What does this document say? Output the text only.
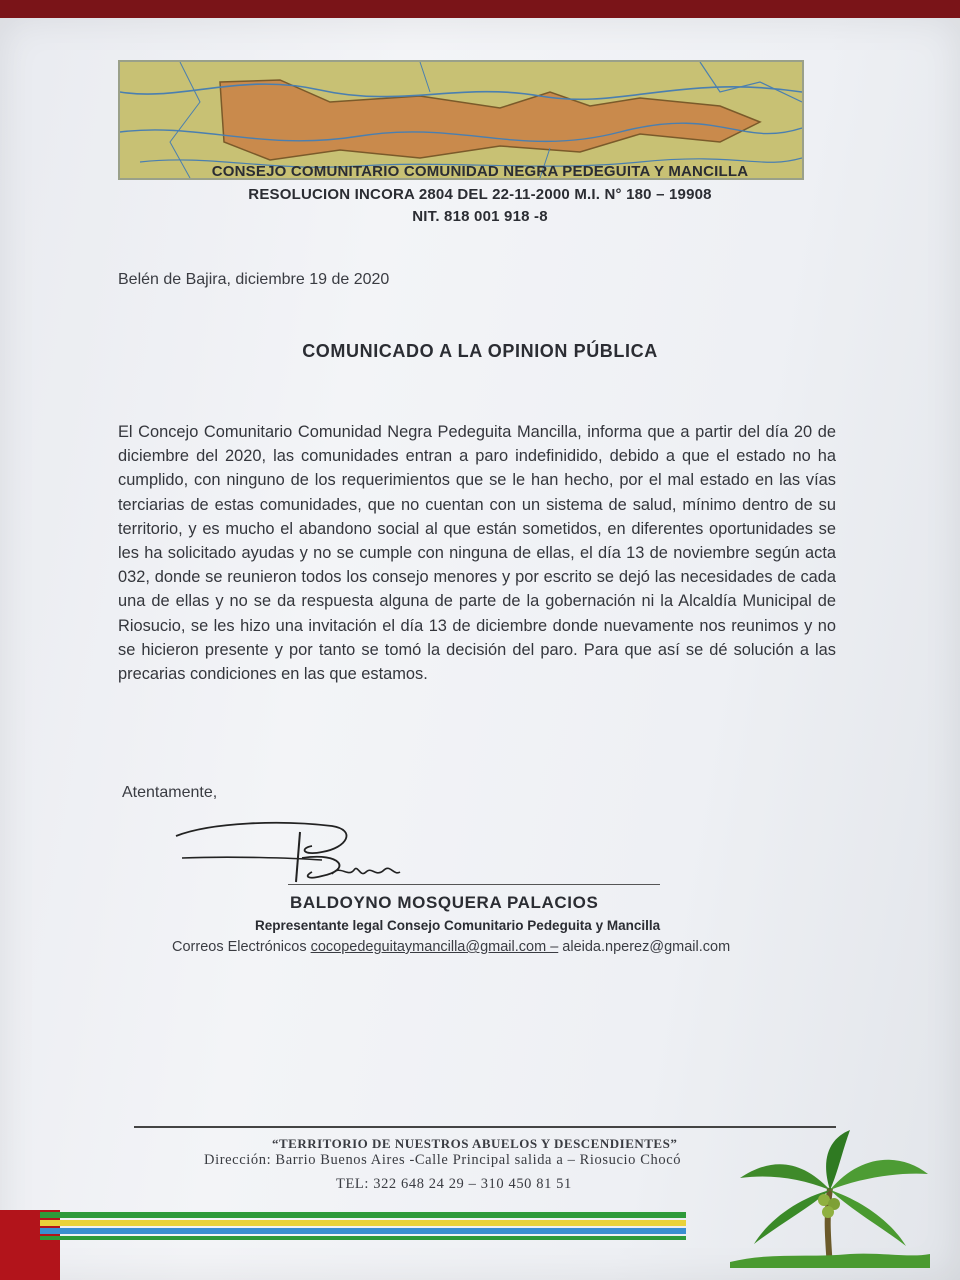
CONSEJO COMUNITARIO COMUNIDAD NEGRA PEDEGUITA Y MANCILLA
RESOLUCION INCORA 2804 DEL 22-11-2000 M.I. N° 180 – 19908
NIT. 818 001 918 -8
Belén de Bajira, diciembre 19 de 2020
COMUNICADO A LA OPINION PÚBLICA
El Concejo Comunitario Comunidad Negra Pedeguita Mancilla, informa que a partir del día 20 de diciembre del 2020, las comunidades entran a paro indefinidido, debido a que el estado no ha cumplido, con ninguno de los requerimientos que se le han hecho, por el mal estado en las vías terciarias de estas comunidades, que no cuentan con un sistema de salud, mínimo dentro de su territorio, y es mucho el abandono social al que están sometidos, en diferentes oportunidades se les ha solicitado ayudas y no se cumple con ninguna de ellas, el día 13 de noviembre según acta 032, donde se reunieron todos los consejo menores y por escrito se dejó las necesidades de cada una de ellas y no se da respuesta alguna de parte de la gobernación ni la Alcaldía Municipal de Riosucio, se les hizo una invitación el día 13 de diciembre donde nuevamente nos reunimos y no se hicieron presente y por tanto se tomó la decisión del paro. Para que así se dé solución a las precarias condiciones en las que estamos.
Atentamente,
BALDOYNO MOSQUERA PALACIOS
Representante legal Consejo Comunitario Pedeguita y Mancilla
Correos Electrónicos cocopedeguitaymancilla@gmail.com – aleida.nperez@gmail.com
“TERRITORIO DE NUESTROS ABUELOS Y DESCENDIENTES”
Dirección: Barrio Buenos Aires -Calle Principal salida a – Riosucio Chocó
TEL: 322 648 24 29 – 310 450 81 51
